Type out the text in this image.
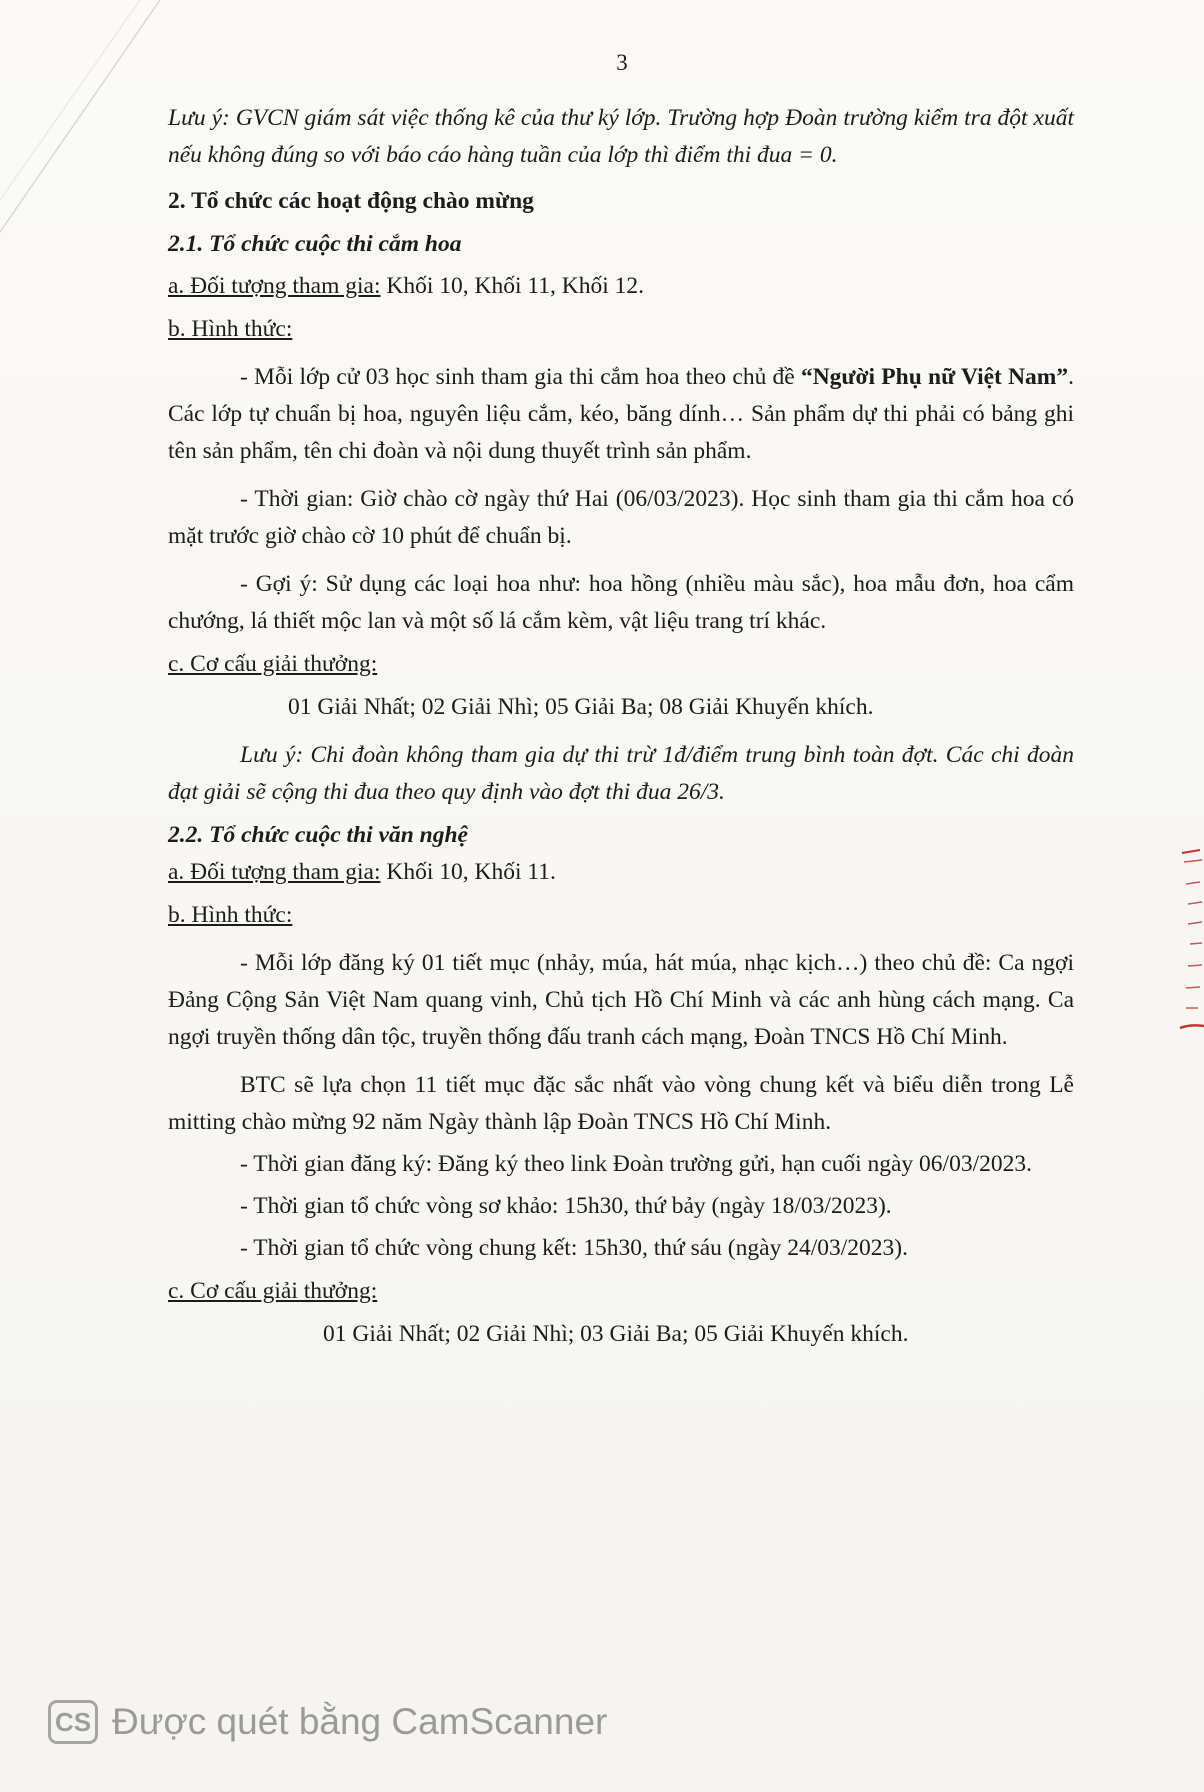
3

Lưu ý: GVCN giám sát việc thống kê của thư ký lớp. Trường hợp Đoàn trường kiểm tra đột xuất nếu không đúng so với báo cáo hàng tuần của lớp thì điểm thi đua = 0.

2. Tổ chức các hoạt động chào mừng

2.1. Tổ chức cuộc thi cắm hoa

a. Đối tượng tham gia: Khối 10, Khối 11, Khối 12.

b. Hình thức:

- Mỗi lớp cử 03 học sinh tham gia thi cắm hoa theo chủ đề “Người Phụ nữ Việt Nam”. Các lớp tự chuẩn bị hoa, nguyên liệu cắm, kéo, băng dính… Sản phẩm dự thi phải có bảng ghi tên sản phẩm, tên chi đoàn và nội dung thuyết trình sản phẩm.

- Thời gian: Giờ chào cờ ngày thứ Hai (06/03/2023). Học sinh tham gia thi cắm hoa có mặt trước giờ chào cờ 10 phút để chuẩn bị.

- Gợi ý: Sử dụng các loại hoa như: hoa hồng (nhiều màu sắc), hoa mẫu đơn, hoa cẩm chướng, lá thiết mộc lan và một số lá cắm kèm, vật liệu trang trí khác.

c. Cơ cấu giải thưởng:

01 Giải Nhất; 02 Giải Nhì; 05 Giải Ba; 08 Giải Khuyến khích.

Lưu ý: Chi đoàn không tham gia dự thi trừ 1đ/điểm trung bình toàn đợt. Các chi đoàn đạt giải sẽ cộng thi đua theo quy định vào đợt thi đua 26/3.

2.2. Tổ chức cuộc thi văn nghệ

a. Đối tượng tham gia: Khối 10, Khối 11.

b. Hình thức:

- Mỗi lớp đăng ký 01 tiết mục (nhảy, múa, hát múa, nhạc kịch…) theo chủ đề: Ca ngợi Đảng Cộng Sản Việt Nam quang vinh, Chủ tịch Hồ Chí Minh và các anh hùng cách mạng. Ca ngợi truyền thống dân tộc, truyền thống đấu tranh cách mạng, Đoàn TNCS Hồ Chí Minh.

BTC sẽ lựa chọn 11 tiết mục đặc sắc nhất vào vòng chung kết và biểu diễn trong Lễ mitting chào mừng 92 năm Ngày thành lập Đoàn TNCS Hồ Chí Minh.

- Thời gian đăng ký: Đăng ký theo link Đoàn trường gửi, hạn cuối ngày 06/03/2023.

- Thời gian tổ chức vòng sơ khảo: 15h30, thứ bảy (ngày 18/03/2023).

- Thời gian tổ chức vòng chung kết: 15h30, thứ sáu (ngày 24/03/2023).

c. Cơ cấu giải thưởng:

01 Giải Nhất; 02 Giải Nhì; 03 Giải Ba; 05 Giải Khuyến khích.

CS Được quét bằng CamScanner
